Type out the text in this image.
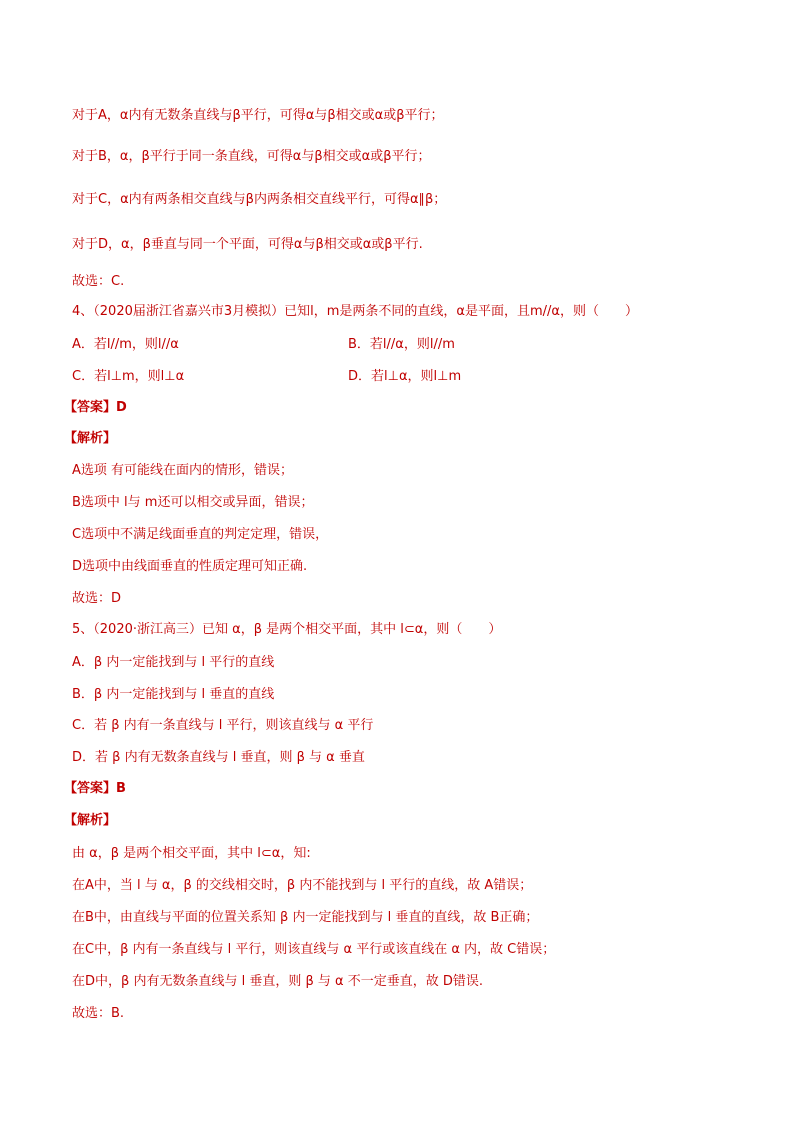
对于A，α内有无数条直线与β平行，可得α与β相交或α或β平行；
对于B，α，β平行于同一条直线，可得α与β相交或α或β平行；
对于C，α内有两条相交直线与β内两条相交直线平行，可得α∥β；
对于D，α，β垂直与同一个平面，可得α与β相交或α或β平行.
故选：C.
4、（2020届浙江省嘉兴市3月模拟）已知l，m是两条不同的直线，α是平面，且m//α，则（　　）
A．若l//m，则l//α	B．若l//α，则l//m
C．若l⊥m，则l⊥α	D．若l⊥α，则l⊥m
【答案】D
【解析】
A选项 有可能线在面内的情形，错误；
B选项中 l与 m还可以相交或异面，错误；
C选项中不满足线面垂直的判定定理，错误，
D选项中由线面垂直的性质定理可知正确.
故选：D
5、（2020·浙江高三）已知 α，β 是两个相交平面，其中 l⊂α，则（　　）
A．β 内一定能找到与 l 平行的直线
B．β 内一定能找到与 l 垂直的直线
C．若 β 内有一条直线与 l 平行，则该直线与 α 平行
D．若 β 内有无数条直线与 l 垂直，则 β 与 α 垂直
【答案】B
【解析】
由 α，β 是两个相交平面，其中 l⊂α，知:
在A中，当 l 与 α，β 的交线相交时，β 内不能找到与 l 平行的直线，故 A错误；
在B中，由直线与平面的位置关系知 β 内一定能找到与 l 垂直的直线，故 B正确；
在C中，β 内有一条直线与 l 平行，则该直线与 α 平行或该直线在 α 内，故 C错误；
在D中，β 内有无数条直线与 l 垂直，则 β 与 α 不一定垂直，故 D错误.
故选：B.
